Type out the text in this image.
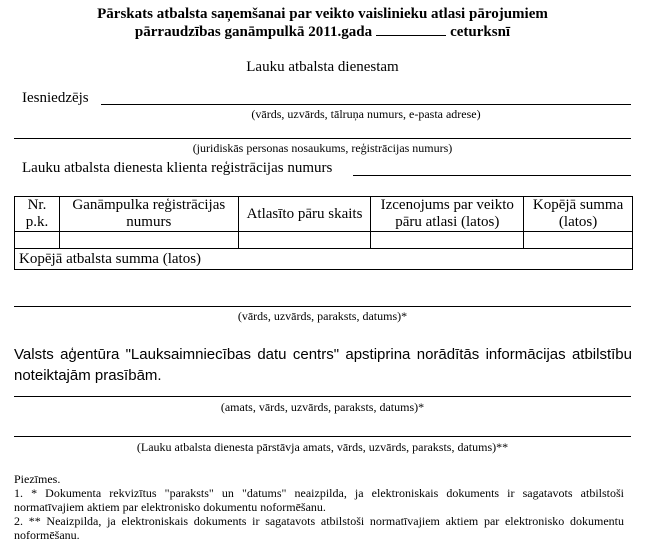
Pārskats atbalsta saņemšanai par veikto vaislinieku atlasi pārojumiem
pārraudzības ganāmpulkā 2011.gada	ceturksnī
Lauku atbalsta dienestam
Iesniedzējs
(vārds, uzvārds, tālruņa numurs, e-pasta adrese)
(juridiskās personas nosaukums, reģistrācijas numurs)
Lauku atbalsta dienesta klienta reģistrācijas numurs
Nr. p.k.	Ganāmpulka reģistrācijas numurs	Atlasīto pāru skaits	Izcenojums par veikto pāru atlasi (latos)	Kopējā summa (latos)

Kopējā atbalsta summa (latos)				
(vārds, uzvārds, paraksts, datums)*
Valsts aģentūra "Lauksaimniecības datu centrs" apstiprina norādītās informācijas atbilstību noteiktajām prasībām.
(amats, vārds, uzvārds, paraksts, datums)*
(Lauku atbalsta dienesta pārstāvja amats, vārds, uzvārds, paraksts, datums)**

Piezīmes.

1. * Dokumenta rekvizītus "paraksts" un "datums" neaizpilda, ja elektroniskais dokuments ir sagatavots atbilstoši normatīvajiem aktiem par elektronisko dokumentu noformēšanu.

2. ** Neaizpilda, ja elektroniskais dokuments ir sagatavots atbilstoši normatīvajiem aktiem par elektronisko dokumentu noformēšanu.
